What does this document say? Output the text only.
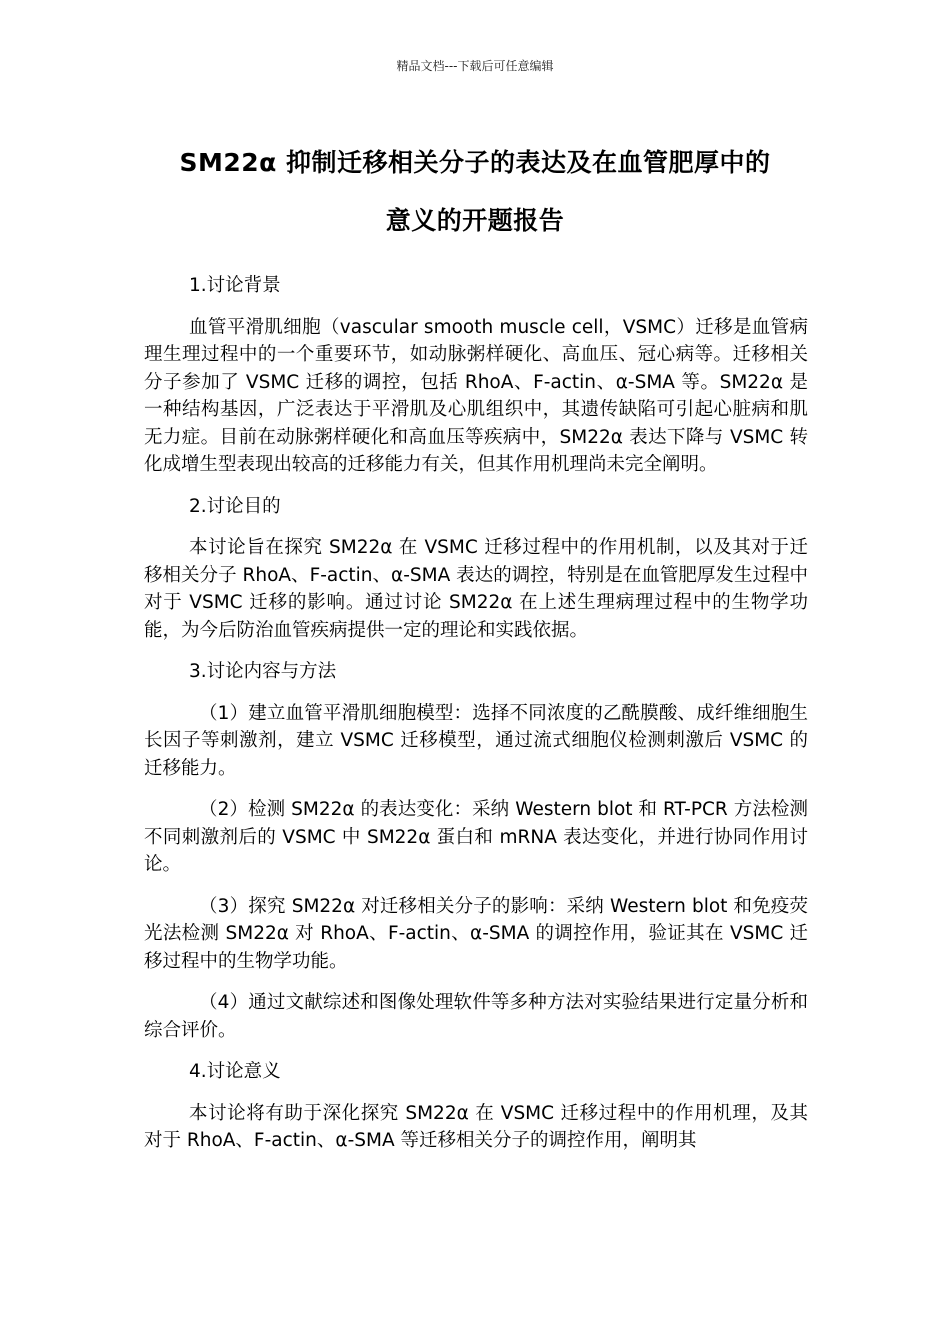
精品文档---下载后可任意编辑
SM22α 抑制迁移相关分子的表达及在血管肥厚中的
意义的开题报告

1.讨论背景

血管平滑肌细胞（vascular smooth muscle cell，VSMC）迁移是血管病理生理过程中的一个重要环节，如动脉粥样硬化、高血压、冠心病等。迁移相关分子参加了 VSMC 迁移的调控，包括 RhoA、F-actin、α-SMA 等。SM22α 是一种结构基因，广泛表达于平滑肌及心肌组织中，其遗传缺陷可引起心脏病和肌无力症。目前在动脉粥样硬化和高血压等疾病中，SM22α 表达下降与 VSMC 转化成增生型表现出较高的迁移能力有关，但其作用机理尚未完全阐明。

2.讨论目的

本讨论旨在探究 SM22α 在 VSMC 迁移过程中的作用机制，以及其对于迁移相关分子 RhoA、F-actin、α-SMA 表达的调控，特别是在血管肥厚发生过程中对于 VSMC 迁移的影响。通过讨论 SM22α 在上述生理病理过程中的生物学功能，为今后防治血管疾病提供一定的理论和实践依据。

3.讨论内容与方法

（1）建立血管平滑肌细胞模型：选择不同浓度的乙酰膜酸、成纤维细胞生长因子等刺激剂，建立 VSMC 迁移模型，通过流式细胞仪检测刺激后 VSMC 的迁移能力。

（2）检测 SM22α 的表达变化：采纳 Western blot 和 RT-PCR 方法检测不同刺激剂后的 VSMC 中 SM22α 蛋白和 mRNA 表达变化，并进行协同作用讨论。

（3）探究 SM22α 对迁移相关分子的影响：采纳 Western blot 和免疫荧光法检测 SM22α 对 RhoA、F-actin、α-SMA 的调控作用，验证其在 VSMC 迁移过程中的生物学功能。

（4）通过文献综述和图像处理软件等多种方法对实验结果进行定量分析和综合评价。

4.讨论意义

本讨论将有助于深化探究 SM22α 在 VSMC 迁移过程中的作用机理，及其对于 RhoA、F-actin、α-SMA 等迁移相关分子的调控作用，阐明其
